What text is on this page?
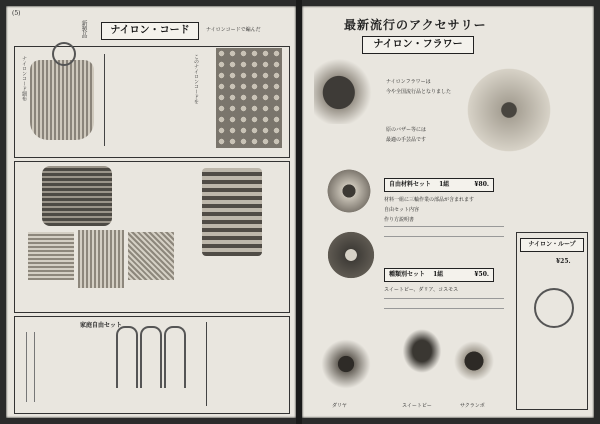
(5)
新製品	ナイロン・コード	ナイロンコードで編んだ
ナイロンコード細布	このナイロンコードを
家庭自由セット
最新流行のアクセサリー
ナイロン・フラワー
ナイロンフラワーは
今や全国流行品となりました
原のバザー等には
最適の手芸品です
自由材料セット 1組	¥80.
材料一組に三輪作業の部品が含まれます
自由セット内容
作り方説明書
種類別セット 1組	¥50.
スイートピー、ダリア、コスモス
ナイロン・ループ
¥25.
ダリヤ	スイートピー	サクランボ
